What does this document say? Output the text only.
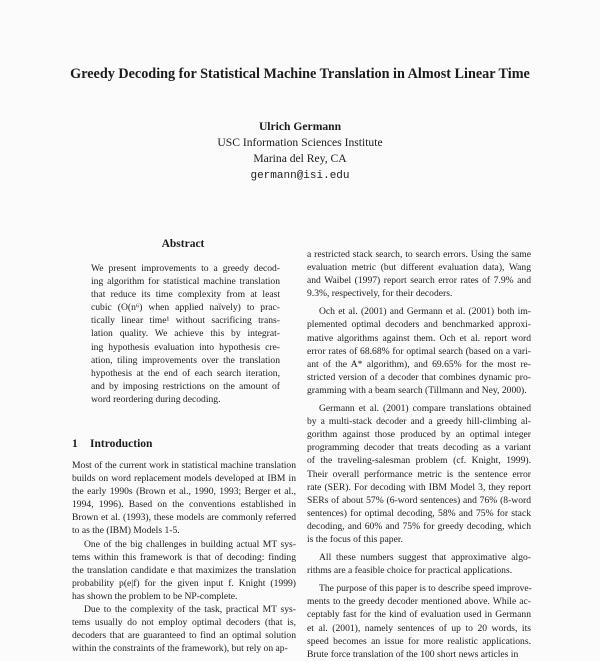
Greedy Decoding for Statistical Machine Translation in Almost Linear Time
Ulrich Germann
USC Information Sciences Institute
Marina del Rey, CA
germann@isi.edu
Abstract
We present improvements to a greedy decod-
ing algorithm for statistical machine translation
that reduce its time complexity from at least
cubic (O(n⁶) when applied naïvely) to prac-
tically linear time¹ without sacrificing trans-
lation quality. We achieve this by integrat-
ing hypothesis evaluation into hypothesis cre-
ation, tiling improvements over the translation
hypothesis at the end of each search iteration,
and by imposing restrictions on the amount of
word reordering during decoding.
1 Introduction

Most of the current work in statistical machine translation
builds on word replacement models developed at IBM in
the early 1990s (Brown et al., 1990, 1993; Berger et al.,
1994, 1996). Based on the conventions established in
Brown et al. (1993), these models are commonly referred
to as the (IBM) Models 1-5.

One of the big challenges in building actual MT sys-
tems within this framework is that of decoding: finding
the translation candidate e that maximizes the translation
probability p(e|f) for the given input f. Knight (1999)
has shown the problem to be NP-complete.

Due to the complexity of the task, practical MT sys-
tems usually do not employ optimal decoders (that is,
decoders that are guaranteed to find an optimal solution
within the constraints of the framework), but rely on ap-

a restricted stack search, to search errors. Using the same
evaluation metric (but different evaluation data), Wang
and Waibel (1997) report search error rates of 7.9% and
9.3%, respectively, for their decoders.

Och et al. (2001) and Germann et al. (2001) both im-
plemented optimal decoders and benchmarked approxi-
mative algorithms against them. Och et al. report word
error rates of 68.68% for optimal search (based on a vari-
ant of the A* algorithm), and 69.65% for the most re-
stricted version of a decoder that combines dynamic pro-
gramming with a beam search (Tillmann and Ney, 2000).

Germann et al. (2001) compare translations obtained
by a multi-stack decoder and a greedy hill-climbing al-
gorithm against those produced by an optimal integer
programming decoder that treats decoding as a variant
of the traveling-salesman problem (cf. Knight, 1999).
Their overall performance metric is the sentence error
rate (SER). For decoding with IBM Model 3, they report
SERs of about 57% (6-word sentences) and 76% (8-word
sentences) for optimal decoding, 58% and 75% for stack
decoding, and 60% and 75% for greedy decoding, which
is the focus of this paper.

All these numbers suggest that approximative algo-
rithms are a feasible choice for practical applications.

The purpose of this paper is to describe speed improve-
ments to the greedy decoder mentioned above. While ac-
ceptably fast for the kind of evaluation used in Germann
et al. (2001), namely sentences of up to 20 words, its
speed becomes an issue for more realistic applications.
Brute force translation of the 100 short news articles in
